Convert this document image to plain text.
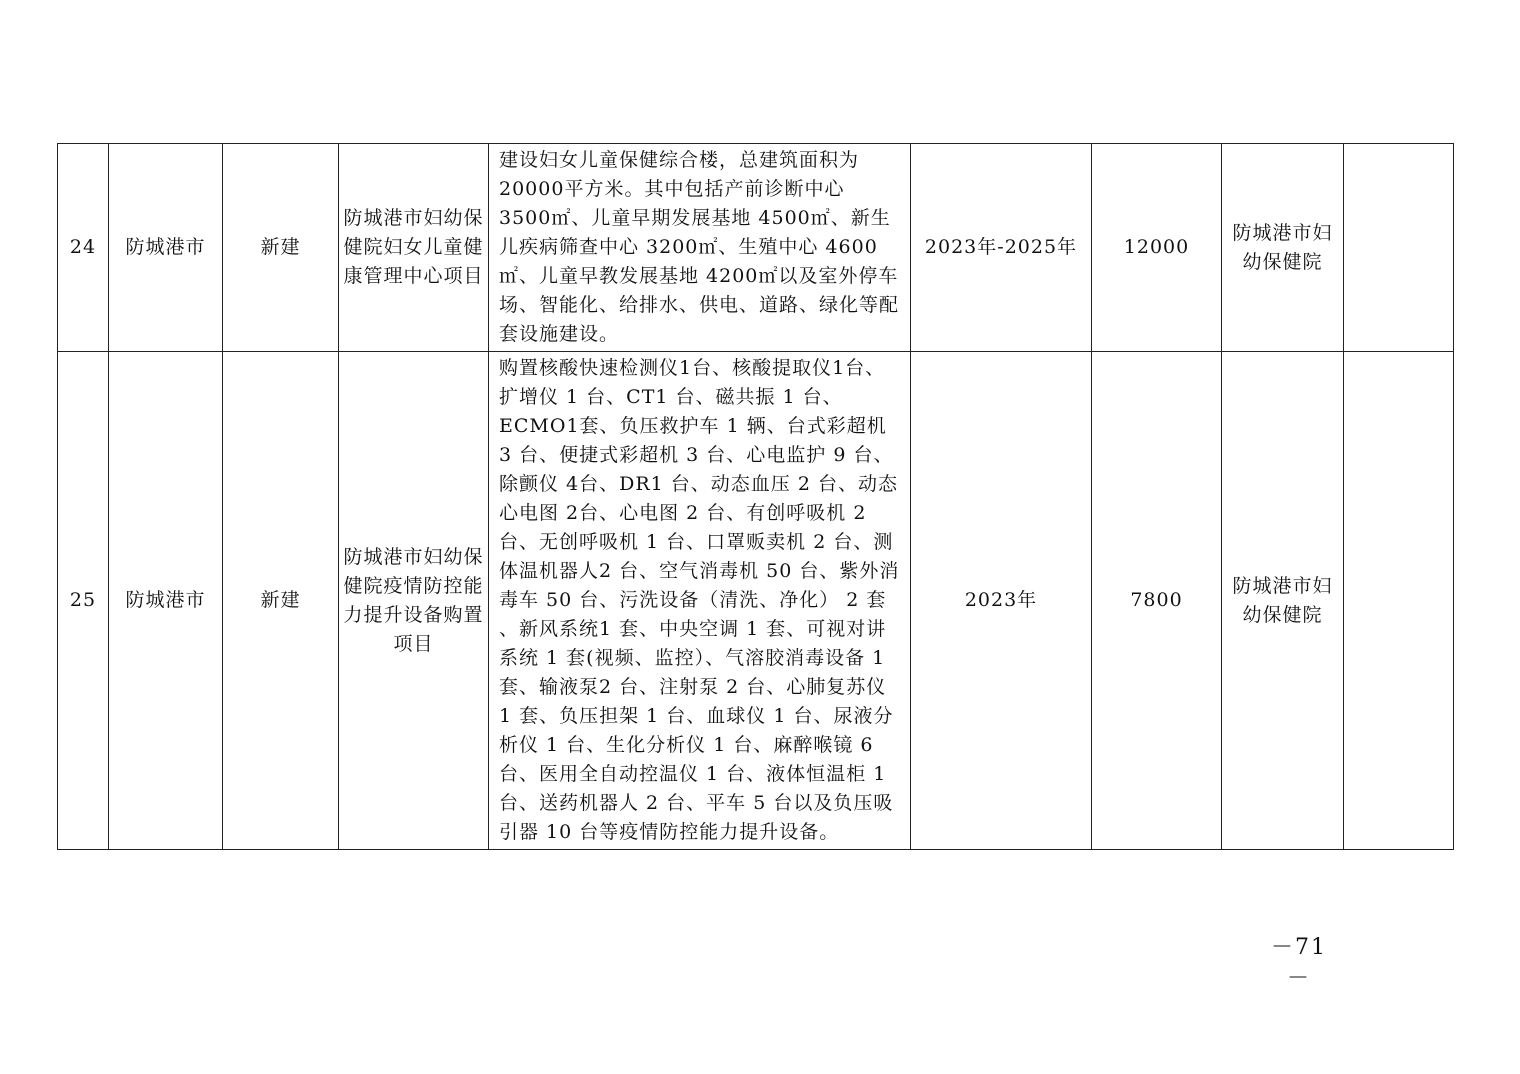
24	防城港市	新建	防城港市妇幼保健院妇女儿童健康管理中心项目	建设妇女儿童保健综合楼，总建筑面积为20000平方米。其中包括产前诊断中心 3500㎡、儿童早期发展基地 4500㎡、新生儿疾病筛查中心 3200㎡、生殖中心 4600㎡、儿童早教发展基地 4200㎡以及室外停车场、智能化、给排水、供电、道路、绿化等配套设施建设。	2023年-2025年	12000	防城港市妇幼保健院	
25	防城港市	新建	防城港市妇幼保健院疫情防控能力提升设备购置项目	购置核酸快速检测仪1台、核酸提取仪1台、扩增仪 1 台、CT1 台、磁共振 1 台、ECMO1套、负压救护车 1 辆、台式彩超机 3 台、便捷式彩超机 3 台、心电监护 9 台、除颤仪 4台、DR1 台、动态血压 2 台、动态心电图 2台、心电图 2 台、有创呼吸机 2 台、无创呼吸机 1 台、口罩贩卖机 2 台、测体温机器人2 台、空气消毒机 50 台、紫外消毒车 50 台、污洗设备（清洗、净化） 2 套 、新风系统1 套、中央空调 1 套、可视对讲系统 1 套(视频、监控）、气溶胶消毒设备 1 套、输液泵2 台、注射泵 2 台、心肺复苏仪 1 套、负压担架 1 台、血球仪 1 台、尿液分析仪 1 台、生化分析仪 1 台、麻醉喉镜 6 台、医用全自动控温仪 1 台、液体恒温柜 1 台、送药机器人 2 台、平车 5 台以及负压吸引器 10 台等疫情防控能力提升设备。	2023年	7800	防城港市妇幼保健院	
－71－
